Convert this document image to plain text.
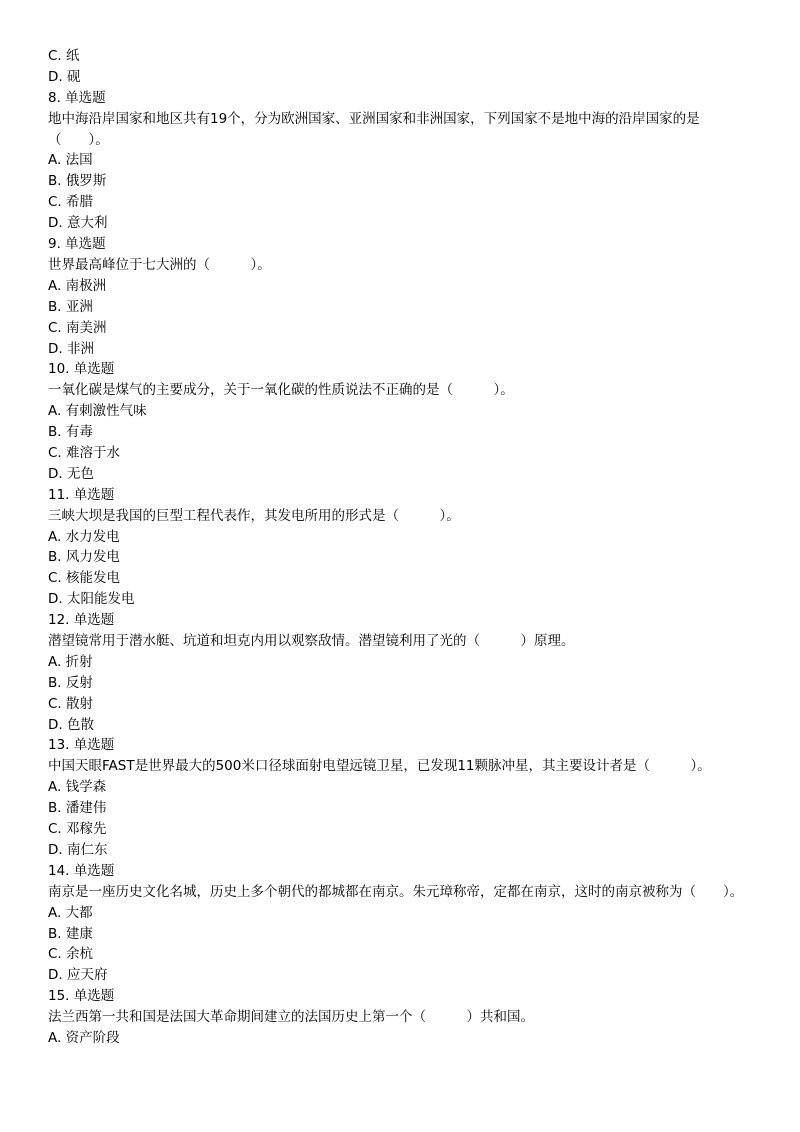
C. 纸
D. 砚
8. 单选题
地中海沿岸国家和地区共有19个，分为欧洲国家、亚洲国家和非洲国家，下列国家不是地中海的沿岸国家的是（　　）。
A. 法国
B. 俄罗斯
C. 希腊
D. 意大利
9. 单选题
世界最高峰位于七大洲的（　　　）。
A. 南极洲
B. 亚洲
C. 南美洲
D. 非洲
10. 单选题
一氧化碳是煤气的主要成分，关于一氧化碳的性质说法不正确的是（　　　）。
A. 有刺激性气味
B. 有毒
C. 难溶于水
D. 无色
11. 单选题
三峡大坝是我国的巨型工程代表作，其发电所用的形式是（　　　）。
A. 水力发电
B. 风力发电
C. 核能发电
D. 太阳能发电
12. 单选题
潜望镜常用于潜水艇、坑道和坦克内用以观察敌情。潜望镜利用了光的（　　　）原理。
A. 折射
B. 反射
C. 散射
D. 色散
13. 单选题
中国天眼FAST是世界最大的500米口径球面射电望远镜卫星，已发现11颗脉冲星，其主要设计者是（　　　）。
A. 钱学森
B. 潘建伟
C. 邓稼先
D. 南仁东
14. 单选题
南京是一座历史文化名城，历史上多个朝代的都城都在南京。朱元璋称帝，定都在南京，这时的南京被称为（　　）。
A. 大都
B. 建康
C. 余杭
D. 应天府
15. 单选题
法兰西第一共和国是法国大革命期间建立的法国历史上第一个（　　　）共和国。
A. 资产阶段
